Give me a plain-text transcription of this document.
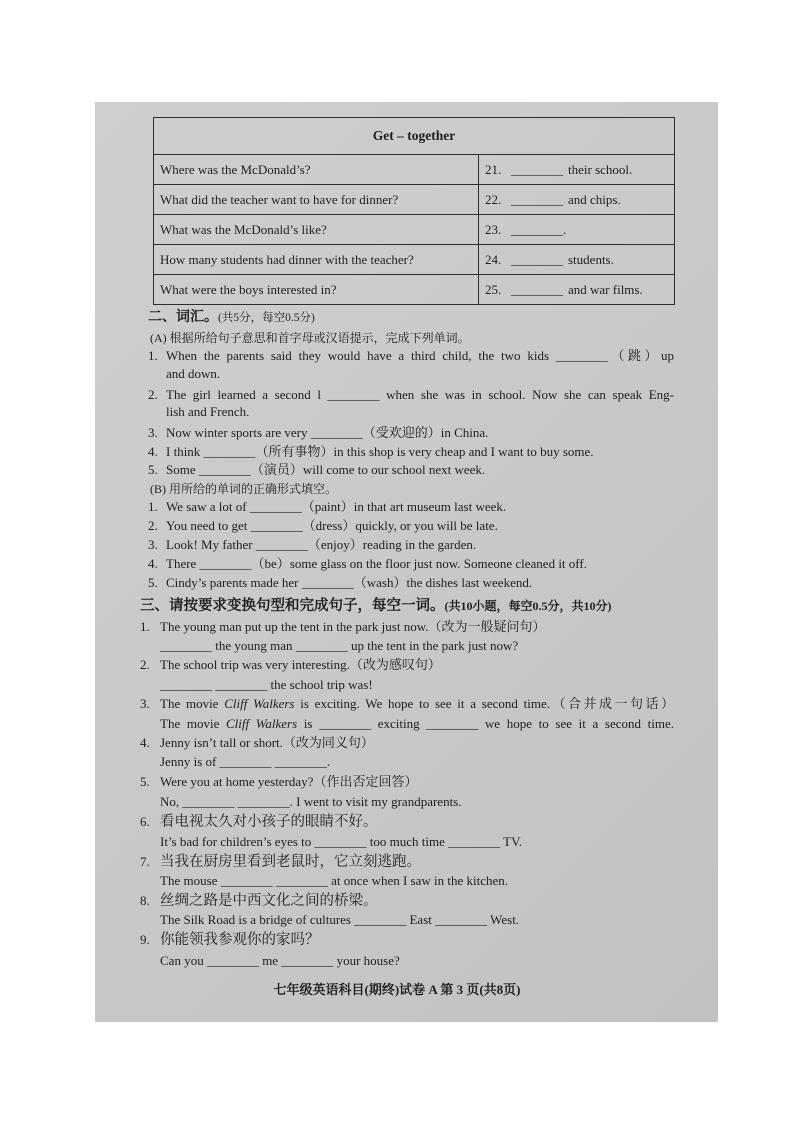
Get – together	
Where was the McDonald’s?	21. ________ their school.
What did the teacher want to have for dinner?	22. ________ and chips.
What was the McDonald’s like?	23. ________.
How many students had dinner with the teacher?	24. ________ students.
What were the boys interested in?	25. ________ and war films.
二、词汇。 (共5分，每空0.5分)
(A) 根据所给句子意思和首字母或汉语提示，完成下列单词。
1. When the parents said they would have a third child, the two kids ________（跳）up
and down.
2. The girl learned a second l ________ when she was in school. Now she can speak Eng-
lish and French.
3. Now winter sports are very ________（受欢迎的）in China.
4. I think ________（所有事物）in this shop is very cheap and I want to buy some.
5. Some ________（演员）will come to our school next week.
(B) 用所给的单词的正确形式填空。
1. We saw a lot of ________（paint）in that art museum last week.
2. You need to get ________（dress）quickly, or you will be late.
3. Look! My father ________（enjoy）reading in the garden.
4. There ________（be）some glass on the floor just now. Someone cleaned it off.
5. Cindy’s parents made her ________（wash）the dishes last weekend.
三、请按要求变换句型和完成句子，每空一词。 (共10小题，每空0.5分，共10分)
1. The young man put up the tent in the park just now.（改为一般疑问句）
________ the young man ________ up the tent in the park just now?
2. The school trip was very interesting.（改为感叹句）
________ ________ the school trip was!
3. The movie Cliff Walkers is exciting. We hope to see it a second time.（合并成一句话）
The movie Cliff Walkers is ________ exciting ________ we hope to see it a second time.
4. Jenny isn’t tall or short.（改为同义句）
Jenny is of ________ ________.
5. Were you at home yesterday?（作出否定回答）
No, ________ ________. I went to visit my grandparents.
6. 看电视太久对小孩子的眼睛不好。
It’s bad for children’s eyes to ________ too much time ________ TV.
7. 当我在厨房里看到老鼠时，它立刻逃跑。
The mouse ________ ________ at once when I saw in the kitchen.
8. 丝绸之路是中西文化之间的桥梁。
The Silk Road is a bridge of cultures ________ East ________ West.
9. 你能领我参观你的家吗？
Can you ________ me ________ your house?
七年级英语科目(期终)试卷 A 第 3 页(共8页)
